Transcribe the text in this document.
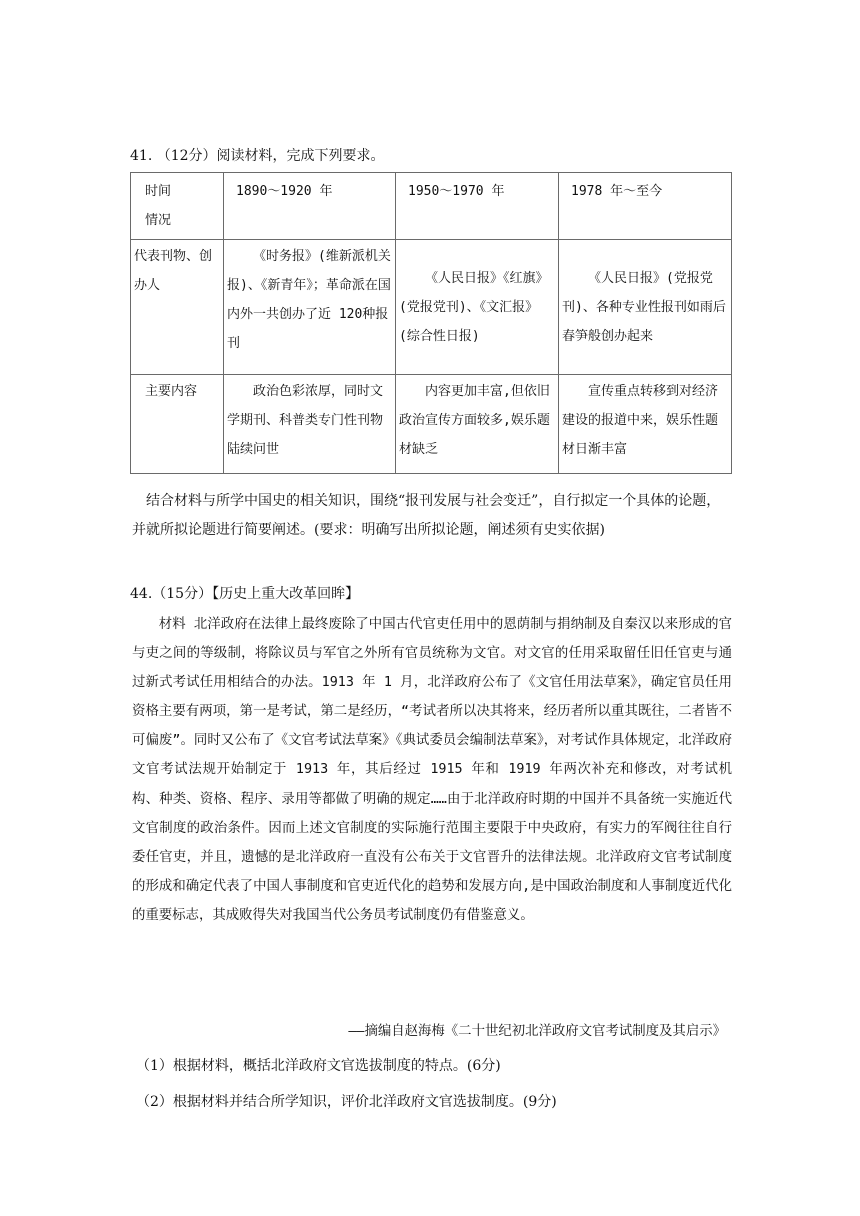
41. （12分）阅读材料，完成下列要求。
时间
情况	1890～1920 年	1950～1970 年	1978 年～至今

代表刊物、创办人	《时务报》(维新派机关报)、《新青年》；革命派在国内外一共创办了近 120种报刊	《人民日报》《红旗》(党报党刊)、《文汇报》(综合性日报)	《人民日报》(党报党刊)、各种专业性报刊如雨后春笋般创办起来

主要内容	政治色彩浓厚，同时文学期刊、科普类专门性刊物陆续问世	内容更加丰富,但依旧政治宣传方面较多,娱乐题材缺乏	宣传重点转移到对经济建设的报道中来，娱乐性题材日渐丰富
结合材料与所学中国史的相关知识，围绕“报刊发展与社会变迁”，自行拟定一个具体的论题，并就所拟论题进行简要阐述。(要求：明确写出所拟论题，阐述须有史实依据)
44.（15分）【历史上重大改革回眸】
材料 北洋政府在法律上最终废除了中国古代官吏任用中的恩荫制与捐纳制及自秦汉以来形成的官与吏之间的等级制，将除议员与军官之外所有官员统称为文官。对文官的任用采取留任旧任官吏与通过新式考试任用相结合的办法。1913 年 1 月，北洋政府公布了《文官任用法草案》，确定官员任用资格主要有两项，第一是考试，第二是经历，“考试者所以决其将来，经历者所以重其既往，二者皆不可偏废”。同时又公布了《文官考试法草案》《典试委员会编制法草案》，对考试作具体规定，北洋政府文官考试法规开始制定于 1913 年，其后经过 1915 年和 1919 年两次补充和修改，对考试机构、种类、资格、程序、录用等都做了明确的规定……由于北洋政府时期的中国并不具备统一实施近代文官制度的政治条件。因而上述文官制度的实际施行范围主要限于中央政府，有实力的军阀往往自行委任官吏，并且，遗憾的是北洋政府一直没有公布关于文官晋升的法律法规。北洋政府文官考试制度的形成和确定代表了中国人事制度和官吏近代化的趋势和发展方向,是中国政治制度和人事制度近代化的重要标志，其成败得失对我国当代公务员考试制度仍有借鉴意义。
——摘编自赵海梅《二十世纪初北洋政府文官考试制度及其启示》
（1）根据材料，概括北洋政府文官选拔制度的特点。(6分)
（2）根据材料并结合所学知识，评价北洋政府文官选拔制度。(9分)
